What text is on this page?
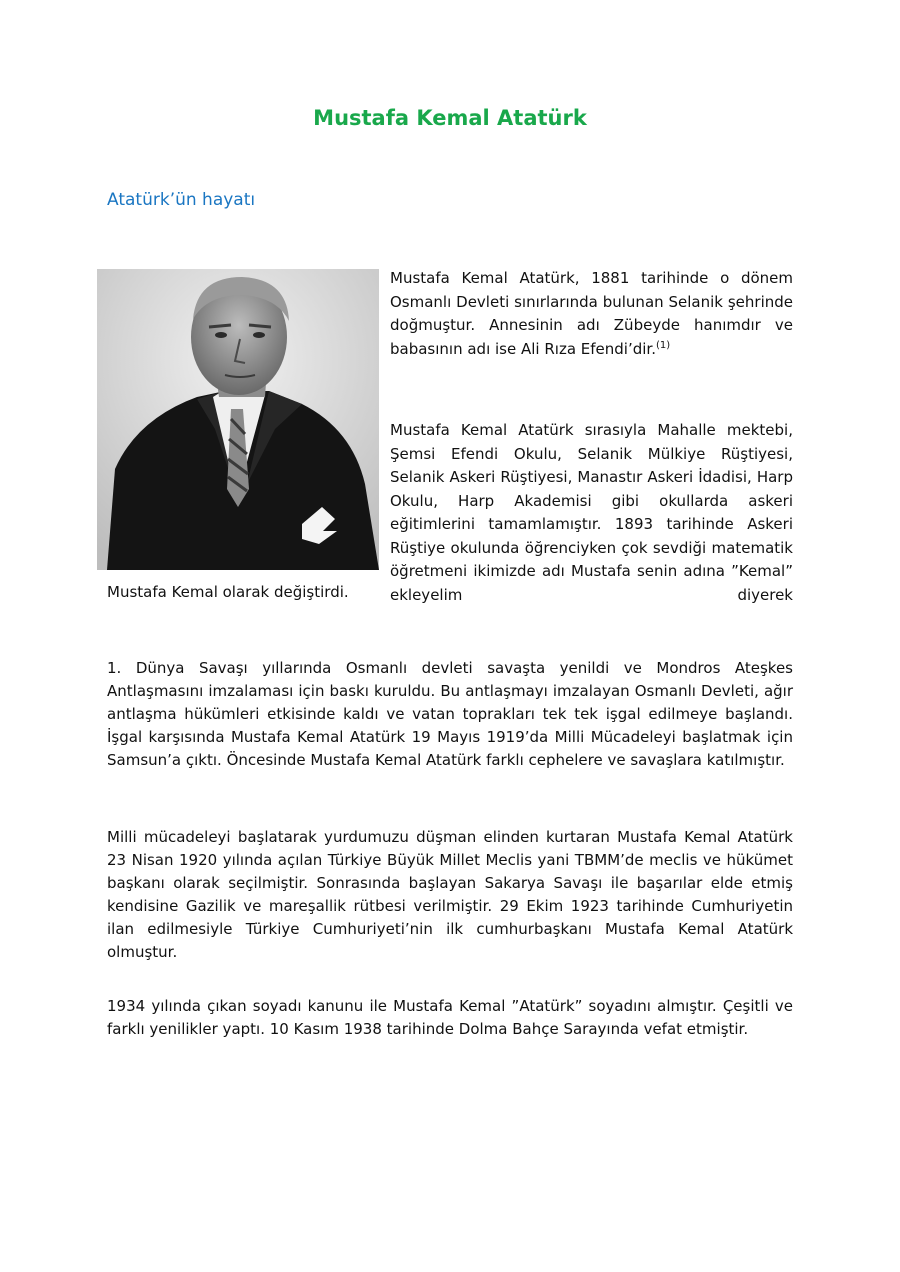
Mustafa Kemal Atatürk
Atatürk’ün hayatı

Mustafa Kemal Atatürk, 1881 tarihinde o dönem Osmanlı Devleti sınırlarında bulunan Selanik şehrinde doğmuştur. Annesinin adı Zübeyde hanımdır ve babasının adı ise Ali Rıza Efendi’dir.$^{(1)}$

Mustafa Kemal Atatürk sırasıyla Mahalle mektebi, Şemsi Efendi Okulu, Selanik Mülkiye Rüştiyesi, Selanik Askeri Rüştiyesi, Manastır Askeri İdadisi, Harp Okulu, Harp Akademisi gibi okullarda askeri eğitimlerini tamamlamıştır. 1893 tarihinde Askeri Rüştiye okulunda öğrenciyken çok sevdiği matematik öğretmeni ikimizde adı Mustafa senin adına ”Kemal” ekleyelim diyerek

Mustafa Kemal olarak değiştirdi.

1. Dünya Savaşı yıllarında Osmanlı devleti savaşta yenildi ve Mondros Ateşkes Antlaşmasını imzalaması için baskı kuruldu. Bu antlaşmayı imzalayan Osmanlı Devleti, ağır antlaşma hükümleri etkisinde kaldı ve vatan toprakları tek tek işgal edilmeye başlandı. İşgal karşısında Mustafa Kemal Atatürk 19 Mayıs 1919’da Milli Mücadeleyi başlatmak için Samsun’a çıktı. Öncesinde Mustafa Kemal Atatürk farklı cephelere ve savaşlara katılmıştır.

Milli mücadeleyi başlatarak yurdumuzu düşman elinden kurtaran Mustafa Kemal Atatürk 23 Nisan 1920 yılında açılan Türkiye Büyük Millet Meclis yani TBMM’de meclis ve hükümet başkanı olarak seçilmiştir. Sonrasında başlayan Sakarya Savaşı ile başarılar elde etmiş kendisine Gazilik ve mareşallik rütbesi verilmiştir. 29 Ekim 1923 tarihinde Cumhuriyetin ilan edilmesiyle Türkiye Cumhuriyeti’nin ilk cumhurbaşkanı Mustafa Kemal Atatürk olmuştur.

1934 yılında çıkan soyadı kanunu ile Mustafa Kemal ”Atatürk” soyadını almıştır. Çeşitli ve farklı yenilikler yaptı. 10 Kasım 1938 tarihinde Dolma Bahçe Sarayında vefat etmiştir.
